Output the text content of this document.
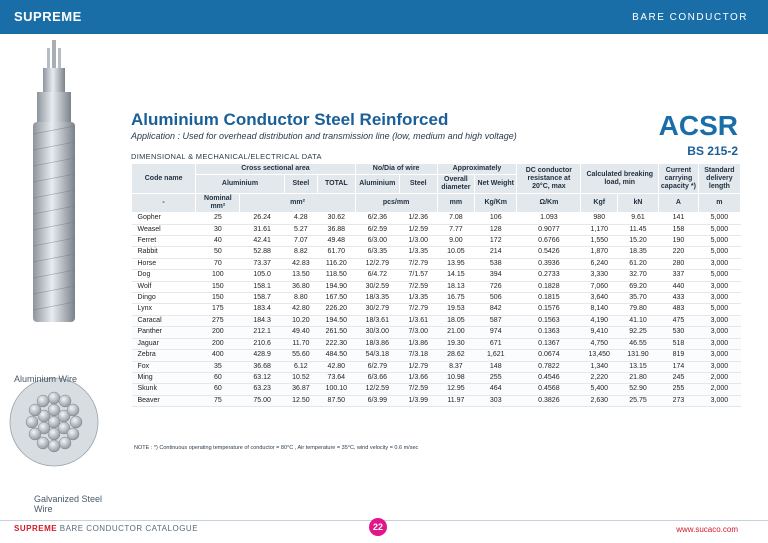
SUPREME	BARE CONDUCTOR
Aluminium Wire
Galvanized Steel Wire
Aluminium Conductor Steel Reinforced
Application : Used for overhead distribution and transmission line (low, medium and high voltage)	ACSR
BS 215-2
DIMENSIONAL & MECHANICAL/ELECTRICAL DATA
Code name	Cross sectional area				No/Dia of wire		Approximately		DC conductor resistance at 20°C, max	Calculated breaking load, min		Current carrying capacity *)	Standard delivery length
	Aluminium		Steel	TOTAL	Aluminium	Steel	Overall diameter	Net Weight					
-	Nominal mm²	mm²			pcs/mm		mm	Kg/Km	Ω/Km	Kgf	kN	A	m
Gopher	25	26.24	4.28	30.62	6/2.36	1/2.36	7.08	106	1.093	980	9.61	141	5,000
Weasel	30	31.61	5.27	36.88	6/2.59	1/2.59	7.77	128	0.9077	1,170	11.45	158	5,000
Ferret	40	42.41	7.07	49.48	6/3.00	1/3.00	9.00	172	0.6766	1,550	15.20	190	5,000
Rabbit	50	52.88	8.82	61.70	6/3.35	1/3.35	10.05	214	0.5426	1,870	18.35	220	5,000
Horse	70	73.37	42.83	116.20	12/2.79	7/2.79	13.95	538	0.3936	6,240	61.20	280	3,000
Dog	100	105.0	13.50	118.50	6/4.72	7/1.57	14.15	394	0.2733	3,330	32.70	337	5,000
Wolf	150	158.1	36.80	194.90	30/2.59	7/2.59	18.13	726	0.1828	7,060	69.20	440	3,000
Dingo	150	158.7	8.80	167.50	18/3.35	1/3.35	16.75	506	0.1815	3,640	35.70	433	3,000
Lynx	175	183.4	42.80	226.20	30/2.79	7/2.79	19.53	842	0.1576	8,140	79.80	483	5,000
Caracal	275	184.3	10.20	194.50	18/3.61	1/3.61	18.05	587	0.1563	4,190	41.10	475	3,000
Panther	200	212.1	49.40	261.50	30/3.00	7/3.00	21.00	974	0.1363	9,410	92.25	530	3,000
Jaguar	200	210.6	11.70	222.30	18/3.86	1/3.86	19.30	671	0.1367	4,750	46.55	518	3,000
Zebra	400	428.9	55.60	484.50	54/3.18	7/3.18	28.62	1,621	0.0674	13,450	131.90	819	3,000
Fox	35	36.68	6.12	42.80	6/2.79	1/2.79	8.37	148	0.7822	1,340	13.15	174	3,000
Ming	60	63.12	10.52	73.64	6/3.66	1/3.66	10.98	255	0.4546	2,220	21.80	245	2,000
Skunk	60	63.23	36.87	100.10	12/2.59	7/2.59	12.95	464	0.4568	5,400	52.90	255	2,000
Beaver	75	75.00	12.50	87.50	6/3.99	1/3.99	11.97	303	0.3826	2,630	25.75	273	3,000
NOTE : *) Continuous operating temperature of conductor = 80°C , Air temperature = 35°C, wind velocity = 0.6 m/sec
SUPREME BARE CONDUCTOR CATALOGUE	22	www.sucaco.com
